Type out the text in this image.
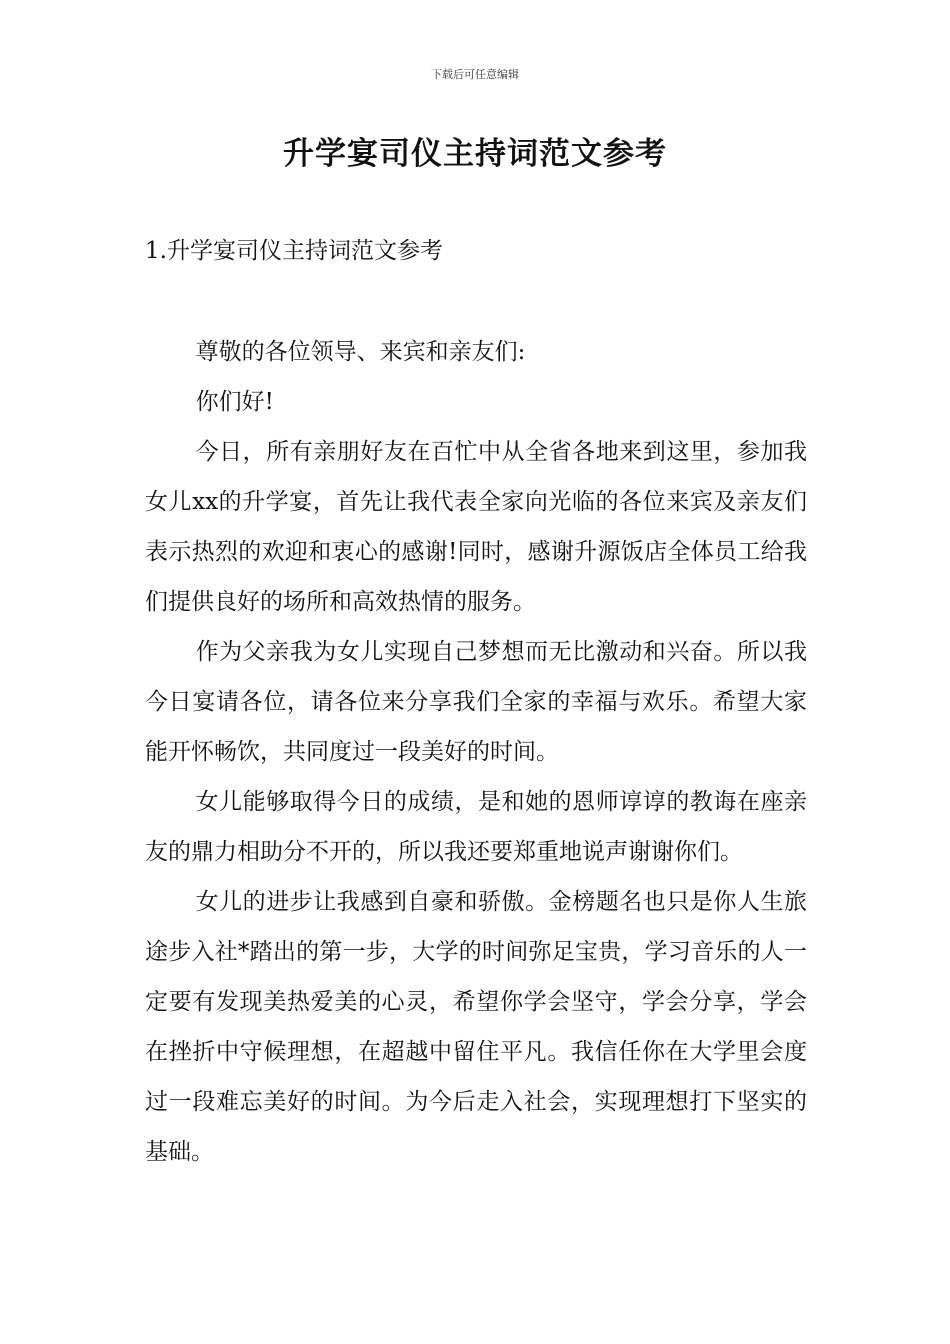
下载后可任意编辑
升学宴司仪主持词范文参考
1.升学宴司仪主持词范文参考

尊敬的各位领导、来宾和亲友们:

你们好!

今日，所有亲朋好友在百忙中从全省各地来到这里，参加我女儿xx的升学宴，首先让我代表全家向光临的各位来宾及亲友们表示热烈的欢迎和衷心的感谢!同时，感谢升源饭店全体员工给我们提供良好的场所和高效热情的服务。

作为父亲我为女儿实现自己梦想而无比激动和兴奋。所以我今日宴请各位，请各位来分享我们全家的幸福与欢乐。希望大家能开怀畅饮，共同度过一段美好的时间。

女儿能够取得今日的成绩，是和她的恩师谆谆的教诲在座亲友的鼎力相助分不开的，所以我还要郑重地说声谢谢你们。

女儿的进步让我感到自豪和骄傲。金榜题名也只是你人生旅途步入社*踏出的第一步，大学的时间弥足宝贵，学习音乐的人一定要有发现美热爱美的心灵，希望你学会坚守，学会分享，学会在挫折中守候理想，在超越中留住平凡。我信任你在大学里会度过一段难忘美好的时间。为今后走入社会，实现理想打下坚实的基础。
